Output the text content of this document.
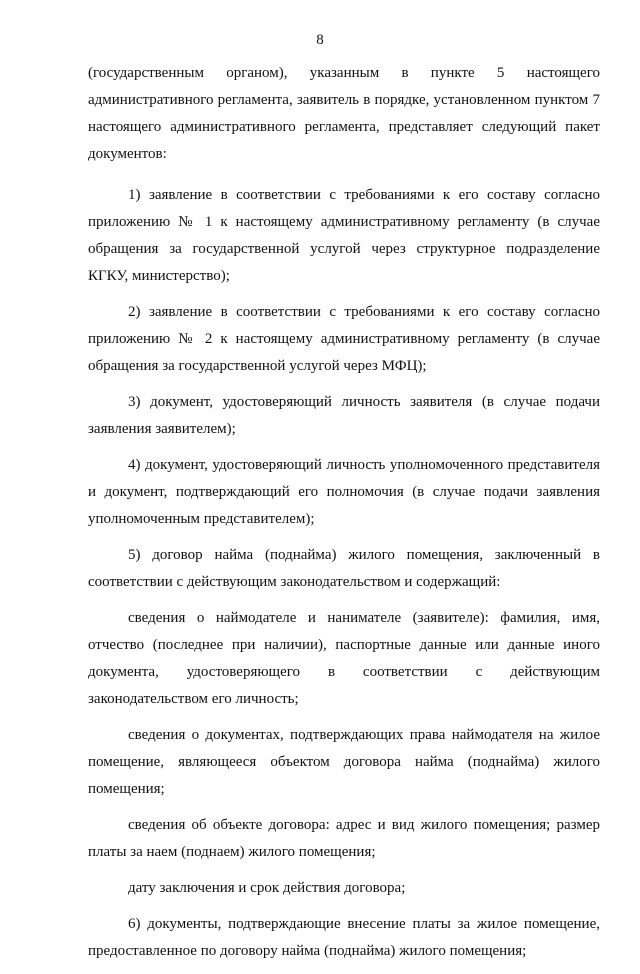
8

(государственным органом), указанным в пункте 5 настоящего административного регламента, заявитель в порядке, установленном пунктом 7 настоящего административного регламента, представляет следующий пакет документов:

1) заявление в соответствии с требованиями к его составу согласно приложению № 1 к настоящему административному регламенту (в случае обращения за государственной услугой через структурное подразделение КГКУ, министерство);

2) заявление в соответствии с требованиями к его составу согласно приложению № 2 к настоящему административному регламенту (в случае обращения за государственной услугой через МФЦ);

3) документ, удостоверяющий личность заявителя (в случае подачи заявления заявителем);

4) документ, удостоверяющий личность уполномоченного представителя и документ, подтверждающий его полномочия (в случае подачи заявления уполномоченным представителем);

5) договор найма (поднайма) жилого помещения, заключенный в соответствии с действующим законодательством и содержащий:

сведения о наймодателе и нанимателе (заявителе): фамилия, имя, отчество (последнее при наличии), паспортные данные или данные иного документа, удостоверяющего в соответствии с действующим законодательством его личность;

сведения о документах, подтверждающих права наймодателя на жилое помещение, являющееся объектом договора найма (поднайма) жилого помещения;

сведения об объекте договора: адрес и вид жилого помещения; размер платы за наем (поднаем) жилого помещения;

дату заключения и срок действия договора;

6) документы, подтверждающие внесение платы за жилое помещение, предоставленное по договору найма (поднайма) жилого помещения;
